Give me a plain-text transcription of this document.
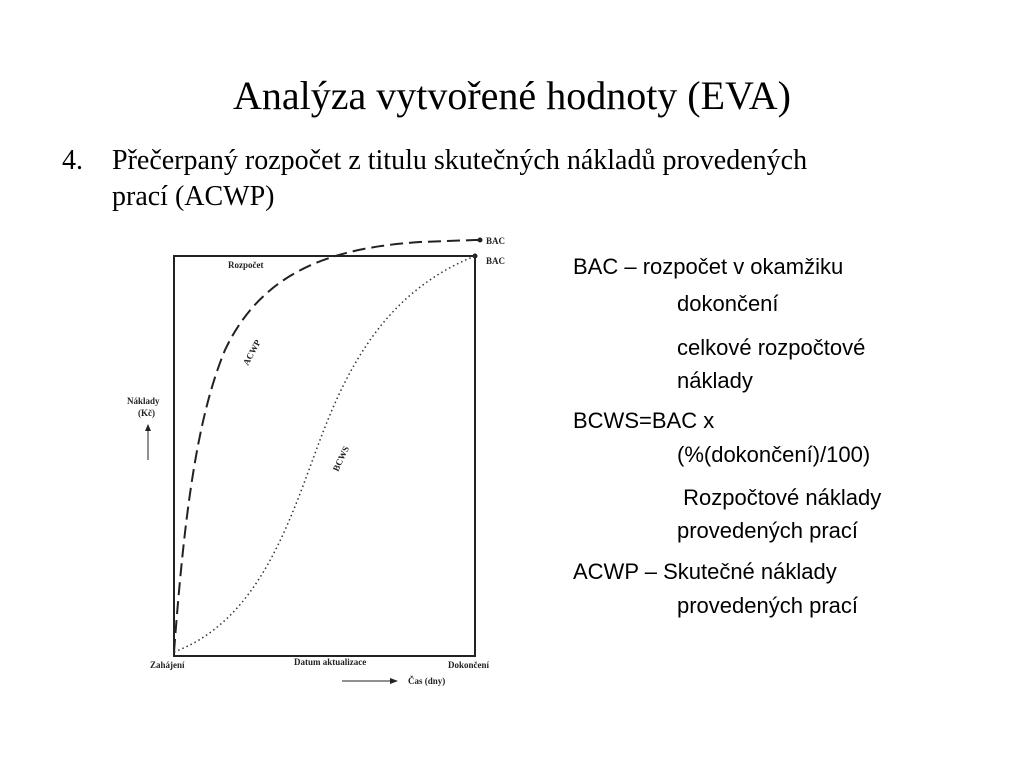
Analýza vytvořené hodnoty (EVA)
4. Přečerpaný rozpočet z titulu skutečných nákladů provedených
prací (ACWP)
BAC
BAC
Rozpočet
ACWP
BCWS
Náklady
(Kč)
Zahájení	Datum aktualizace	Dokončení
Čas (dny)
BAC – rozpočet v okamžiku
dokončení
celkové rozpočtové
náklady
BCWS=BAC x
(%(dokončení)/100)
Rozpočtové náklady
provedených prací
ACWP – Skutečné náklady
provedených prací
